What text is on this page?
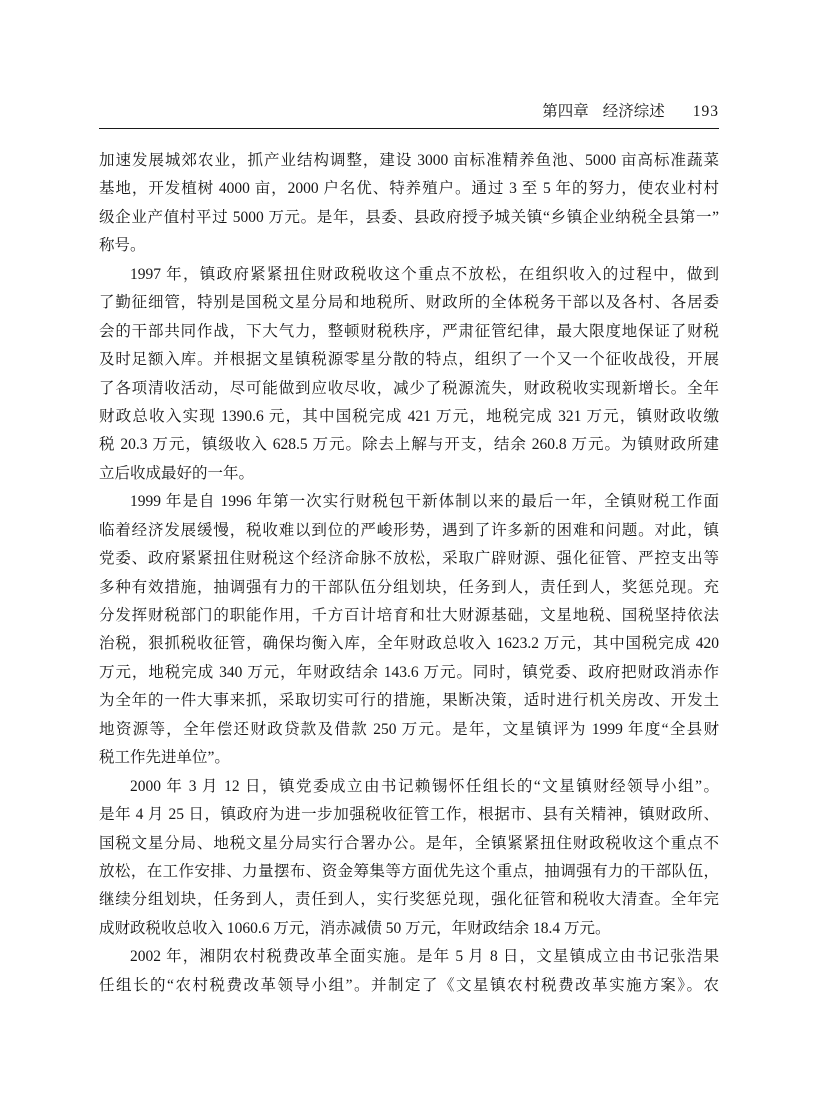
第四章 经济综述 193
加速发展城郊农业，抓产业结构调整，建设 3000 亩标准精养鱼池、5000 亩高标准蔬菜
基地，开发植树 4000 亩，2000 户名优、特养殖户。通过 3 至 5 年的努力，使农业村村
级企业产值村平过 5000 万元。是年，县委、县政府授予城关镇“乡镇企业纳税全县第一”
称号。
1997 年，镇政府紧紧扭住财政税收这个重点不放松，在组织收入的过程中，做到
了勤征细管，特别是国税文星分局和地税所、财政所的全体税务干部以及各村、各居委
会的干部共同作战，下大气力，整顿财税秩序，严肃征管纪律，最大限度地保证了财税
及时足额入库。并根据文星镇税源零星分散的特点，组织了一个又一个征收战役，开展
了各项清收活动，尽可能做到应收尽收，减少了税源流失，财政税收实现新增长。全年
财政总收入实现 1390.6 元，其中国税完成 421 万元，地税完成 321 万元，镇财政收缴
税 20.3 万元，镇级收入 628.5 万元。除去上解与开支，结余 260.8 万元。为镇财政所建
立后收成最好的一年。
1999 年是自 1996 年第一次实行财税包干新体制以来的最后一年，全镇财税工作面
临着经济发展缓慢，税收难以到位的严峻形势，遇到了许多新的困难和问题。对此，镇
党委、政府紧紧扭住财税这个经济命脉不放松，采取广辟财源、强化征管、严控支出等
多种有效措施，抽调强有力的干部队伍分组划块，任务到人，责任到人，奖惩兑现。充
分发挥财税部门的职能作用，千方百计培育和壮大财源基础，文星地税、国税坚持依法
治税，狠抓税收征管，确保均衡入库，全年财政总收入 1623.2 万元，其中国税完成 420
万元，地税完成 340 万元，年财政结余 143.6 万元。同时，镇党委、政府把财政消赤作
为全年的一件大事来抓，采取切实可行的措施，果断决策，适时进行机关房改、开发土
地资源等，全年偿还财政贷款及借款 250 万元。是年，文星镇评为 1999 年度“全县财
税工作先进单位”。
2000 年 3 月 12 日，镇党委成立由书记赖锡怀任组长的“文星镇财经领导小组”。
是年 4 月 25 日，镇政府为进一步加强税收征管工作，根据市、县有关精神，镇财政所、
国税文星分局、地税文星分局实行合署办公。是年，全镇紧紧扭住财政税收这个重点不
放松，在工作安排、力量摆布、资金筹集等方面优先这个重点，抽调强有力的干部队伍，
继续分组划块，任务到人，责任到人，实行奖惩兑现，强化征管和税收大清查。全年完
成财政税收总收入 1060.6 万元，消赤减债 50 万元，年财政结余 18.4 万元。
2002 年，湘阴农村税费改革全面实施。是年 5 月 8 日，文星镇成立由书记张浩果
任组长的“农村税费改革领导小组”。并制定了《文星镇农村税费改革实施方案》。农
